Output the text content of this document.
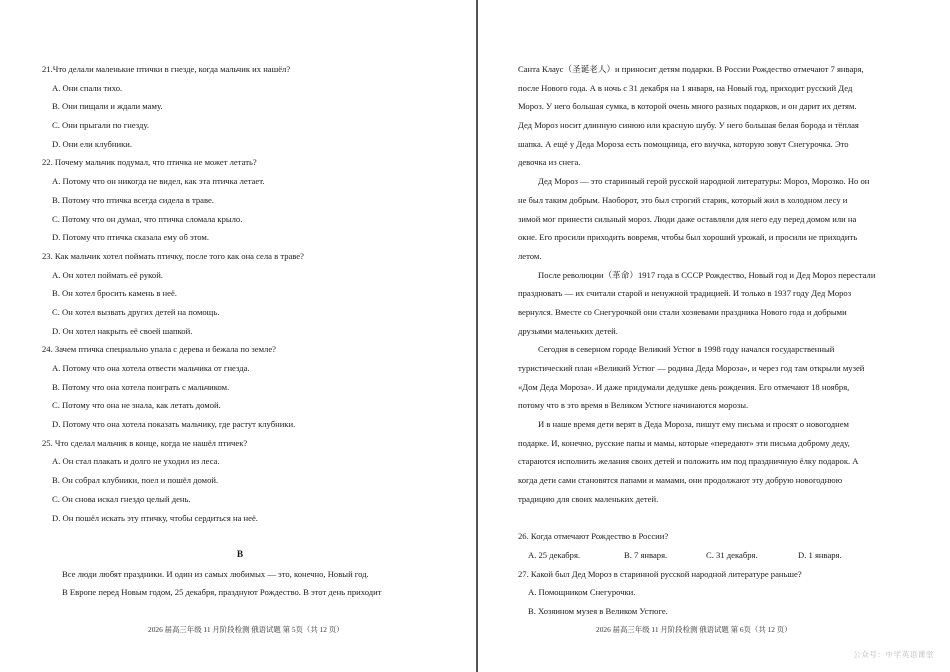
21.Что делали маленькие птички в гнезде, когда мальчик их нашёл?
A. Они спали тихо.
B. Они пищали и ждали маму.
C. Они прыгали по гнезду.
D. Они ели клубники.
22. Почему мальчик подумал, что птичка не может летать?
A. Потому что он никогда не видел, как эта птичка летает.
B. Потому что птичка всегда сидела в траве.
C. Потому что он думал, что птичка сломала крыло.
D. Потому что птичка сказала ему об этом.
23. Как мальчик хотел поймать птичку, после того как она села в траве?
A. Он хотел поймать её рукой.
B. Он хотел бросить камень в неё.
C. Он хотел вызвать других детей на помощь.
D. Он хотел накрыть её своей шапкой.
24. Зачем птичка специально упала с дерева и бежала по земле?
A. Потому что она хотела отвести мальчика от гнезда.
B. Потому что она хотела поиграть с мальчиком.
C. Потому что она не знала, как летать домой.
D. Потому что она хотела показать мальчику, где растут клубники.
25. Что сделал мальчик в конце, когда не нашёл птичек?
A. Он стал плакать и долго не уходил из леса.
B. Он собрал клубники, поел и пошёл домой.
C. Он снова искал гнездо целый день.
D. Он пошёл искать эту птичку, чтобы сердиться на неё.
B
Все люди любят праздники. И один из самых любимых — это, конечно, Новый год.
В Европе перед Новым годом, 25 декабря, празднуют Рождество. В этот день приходит
2026 届高三年级 11 月阶段检测 俄语试题 第 5页（共 12 页）
Санта Клаус（圣诞老人）и приносит детям подарки. В России Рождество отмечают 7 января,
после Нового года. А в ночь с 31 декабря на 1 января, на Новый год, приходит русский Дед
Мороз. У него большая сумка, в которой очень много разных подарков, и он дарит их детям.
Дед Мороз носит длинную синюю или красную шубу. У него большая белая борода и тёплая
шапка. А ещё у Деда Мороза есть помощница, его внучка, которую зовут Снегурочка. Это
девочка из снега.
Дед Мороз — это старинный герой русской народной литературы: Мороз, Морозко. Но он
не был таким добрым. Наоборот, это был строгий старик, который жил в холодном лесу и
зимой мог принести сильный мороз. Люди даже оставляли для него еду перед домом или на
окне. Его просили приходить вовремя, чтобы был хороший урожай, и просили не приходить
летом.
После революции（革命）1917 года в СССР Рождество, Новый год и Дед Мороз перестали
праздновать — их считали старой и ненужной традицией. И только в 1937 году Дед Мороз
вернулся. Вместе со Снегурочкой они стали хозяевами праздника Нового года и добрыми
друзьями маленьких детей.
Сегодня в северном городе Великий Устюг в 1998 году начался государственный
туристический план «Великий Устюг — родина Деда Мороза», и через год там открыли музей
«Дом Деда Мороза». И даже придумали дедушке день рождения. Его отмечают 18 ноября,
потому что в это время в Великом Устюге начинаются морозы.
И в наше время дети верят в Деда Мороза, пишут ему письма и просят о новогоднем
подарке. И, конечно, русские папы и мамы, которые «передают» эти письма доброму деду,
стараются исполнить желания своих детей и положить им под праздничную ёлку подарок. А
когда дети сами становятся папами и мамами, они продолжают эту добрую новогоднюю
традицию для своих маленьких детей.
26. Когда отмечают Рождество в России?
A. 25 декабря.	B. 7 января.	C. 31 декабря.	D. 1 января.
27. Какой был Дед Мороз в старинной русской народной литературе раньше?
A. Помощником Снегурочки.
B. Хозяином музея в Великом Устюге.
2026 届高三年级 11 月阶段检测 俄语试题 第 6页（共 12 页）
公众号：中学英语课堂
